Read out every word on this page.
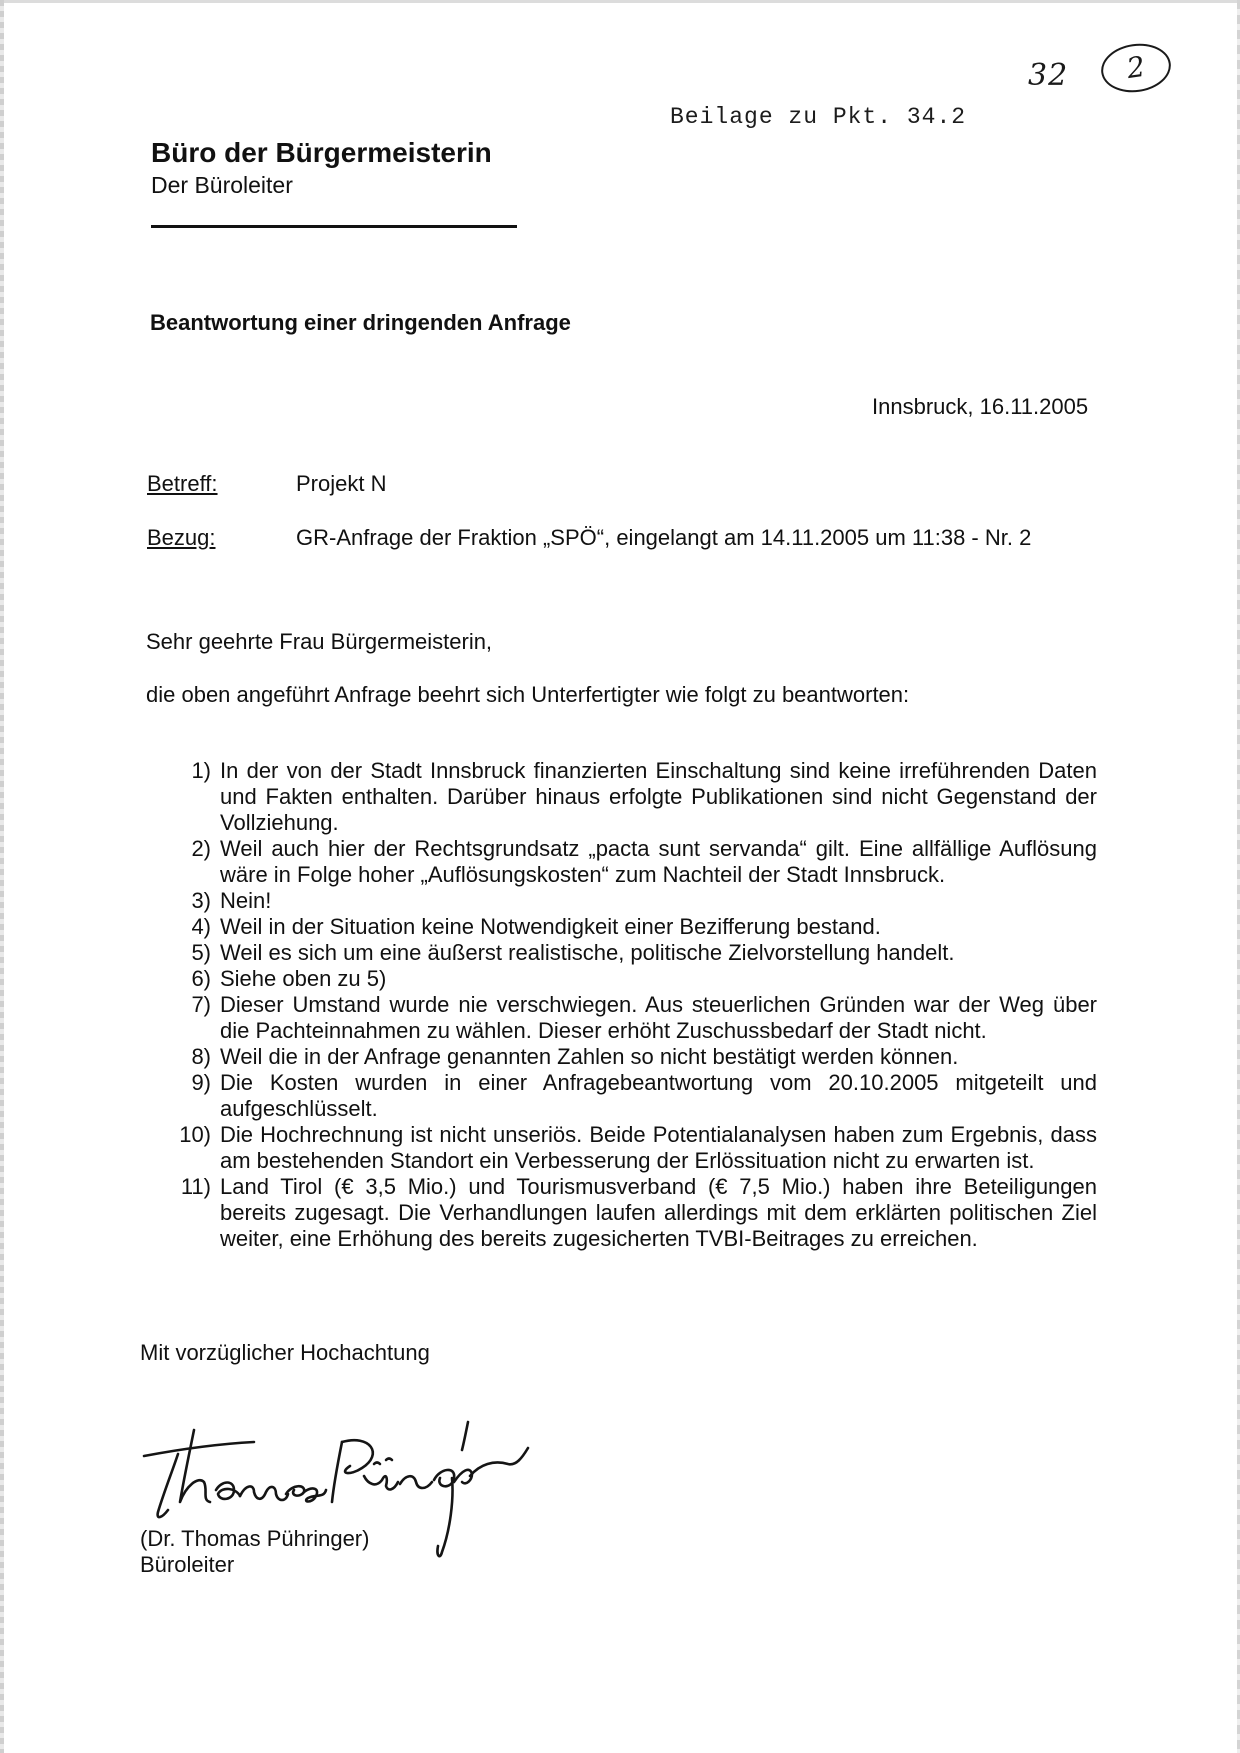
32	2
Beilage zu Pkt. 34.2
Büro der Bürgermeisterin
Der Büroleiter
Beantwortung einer dringenden Anfrage
Innsbruck, 16.11.2005
Betreff:	Projekt N
Bezug:	GR-Anfrage der Fraktion „SPÖ“, eingelangt am 14.11.2005 um 11:38 - Nr. 2
Sehr geehrte Frau Bürgermeisterin,
die oben angeführt Anfrage beehrt sich Unterfertigter wie folgt zu beantworten:
1) In der von der Stadt Innsbruck finanzierten Einschaltung sind keine irreführenden Daten und Fakten enthalten. Darüber hinaus erfolgte Publikationen sind nicht Gegenstand der Vollziehung.
2) Weil auch hier der Rechtsgrundsatz „pacta sunt servanda“ gilt. Eine allfällige Auflösung wäre in Folge hoher „Auflösungskosten“ zum Nachteil der Stadt Innsbruck.
3) Nein!
4) Weil in der Situation keine Notwendigkeit einer Bezifferung bestand.
5) Weil es sich um eine äußerst realistische, politische Zielvorstellung handelt.
6) Siehe oben zu 5)
7) Dieser Umstand wurde nie verschwiegen. Aus steuerlichen Gründen war der Weg über die Pachteinnahmen zu wählen. Dieser erhöht Zuschussbedarf der Stadt nicht.
8) Weil die in der Anfrage genannten Zahlen so nicht bestätigt werden können.
9) Die Kosten wurden in einer Anfragebeantwortung vom 20.10.2005 mitgeteilt und aufgeschlüsselt.
10) Die Hochrechnung ist nicht unseriös. Beide Potentialanalysen haben zum Ergebnis, dass am bestehenden Standort ein Verbesserung der Erlössituation nicht zu erwarten ist.
11) Land Tirol (€ 3,5 Mio.) und Tourismusverband (€ 7,5 Mio.) haben ihre Beteiligungen bereits zugesagt. Die Verhandlungen laufen allerdings mit dem erklärten politischen Ziel weiter, eine Erhöhung des bereits zugesicherten TVBI-Beitrages zu erreichen.
Mit vorzüglicher Hochachtung
(Dr. Thomas Pühringer)
Büroleiter
